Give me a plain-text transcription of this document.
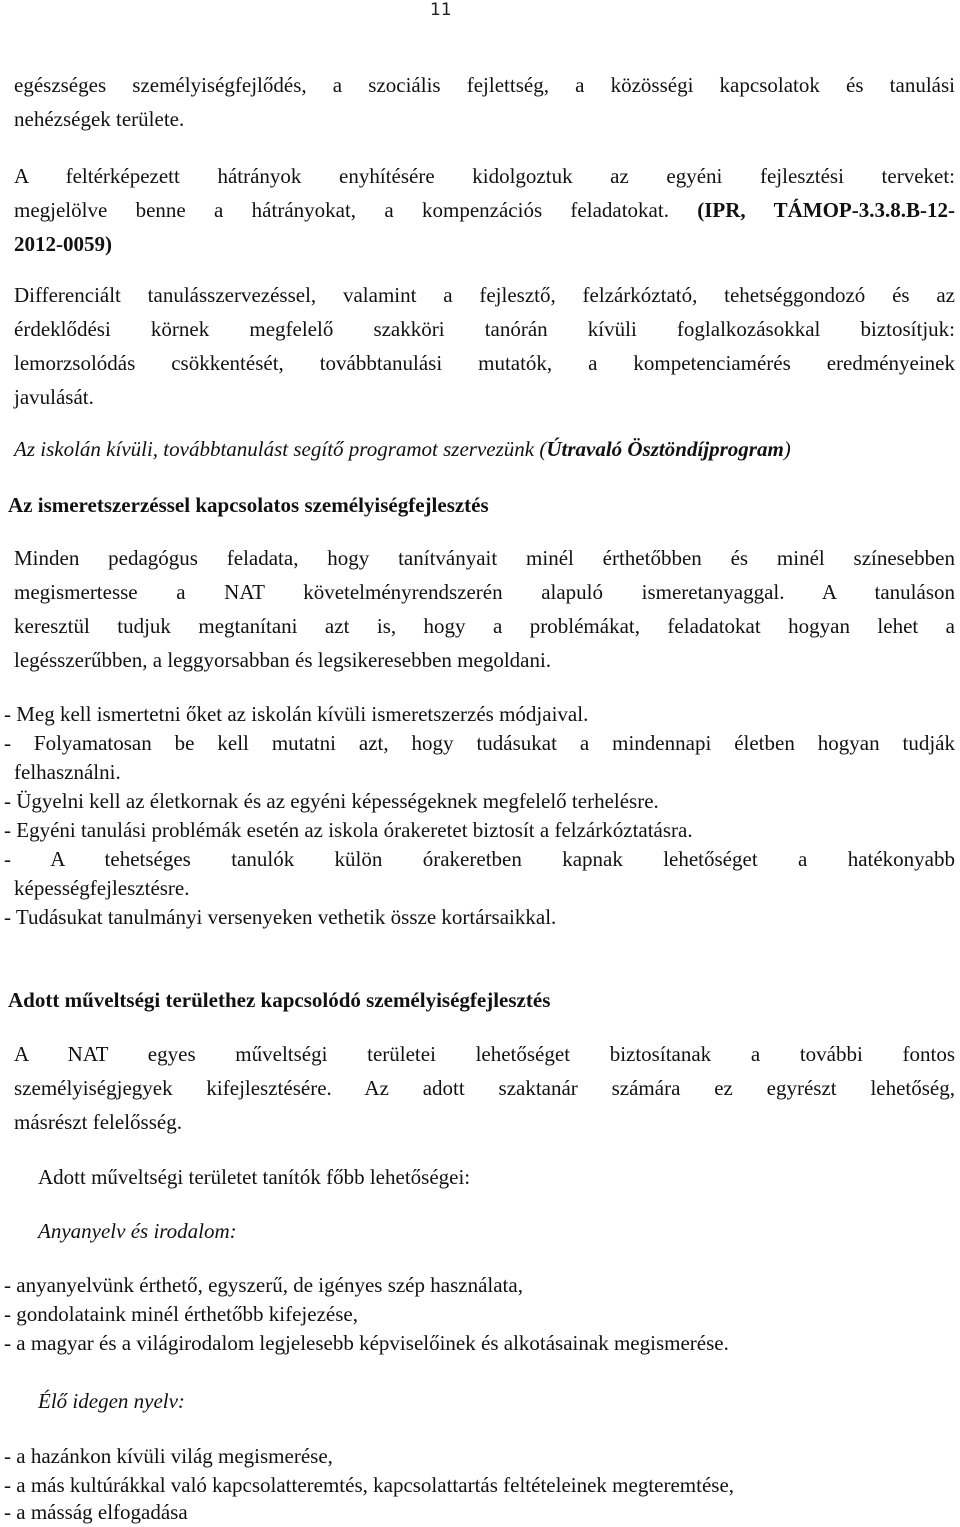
11
egészséges személyiségfejlődés, a szociális fejlettség, a közösségi kapcsolatok és tanulási
nehézségek területe.
A feltérképezett hátrányok enyhítésére kidolgoztuk az egyéni fejlesztési terveket:
megjelölve benne a hátrányokat, a kompenzációs feladatokat. (IPR, TÁMOP-3.3.8.B-12-
2012-0059)
Differenciált tanulásszervezéssel, valamint a fejlesztő, felzárkóztató, tehetséggondozó és az
érdeklődési körnek megfelelő szakköri tanórán kívüli foglalkozásokkal biztosítjuk:
lemorzsolódás csökkentését, továbbtanulási mutatók, a kompetenciamérés eredményeinek
javulását.
Az iskolán kívüli, továbbtanulást segítő programot szervezünk (Útravaló Ösztöndíjprogram)
Az ismeretszerzéssel kapcsolatos személyiségfejlesztés
Minden pedagógus feladata, hogy tanítványait minél érthetőbben és minél színesebben
megismertesse a NAT követelményrendszerén alapuló ismeretanyaggal. A tanuláson
keresztül tudjuk megtanítani azt is, hogy a problémákat, feladatokat hogyan lehet a
legésszerűbben, a leggyorsabban és legsikeresebben megoldani.
- Meg kell ismertetni őket az iskolán kívüli ismeretszerzés módjaival.
- Folyamatosan be kell mutatni azt, hogy tudásukat a mindennapi életben hogyan tudják
felhasználni.
- Ügyelni kell az életkornak és az egyéni képességeknek megfelelő terhelésre.
- Egyéni tanulási problémák esetén az iskola órakeretet biztosít a felzárkóztatásra.
- A tehetséges tanulók külön órakeretben kapnak lehetőséget a hatékonyabb
képességfejlesztésre.
- Tudásukat tanulmányi versenyeken vethetik össze kortársaikkal.
Adott műveltségi területhez kapcsolódó személyiségfejlesztés
A NAT egyes műveltségi területei lehetőséget biztosítanak a további fontos
személyiségjegyek kifejlesztésére. Az adott szaktanár számára ez egyrészt lehetőség,
másrészt felelősség.
Adott műveltségi területet tanítók főbb lehetőségei:
Anyanyelv és irodalom:
- anyanyelvünk érthető, egyszerű, de igényes szép használata,
- gondolataink minél érthetőbb kifejezése,
- a magyar és a világirodalom legjelesebb képviselőinek és alkotásainak megismerése.
Élő idegen nyelv:
- a hazánkon kívüli világ megismerése,
- a más kultúrákkal való kapcsolatteremtés, kapcsolattartás feltételeinek megteremtése,
- a másság elfogadása
